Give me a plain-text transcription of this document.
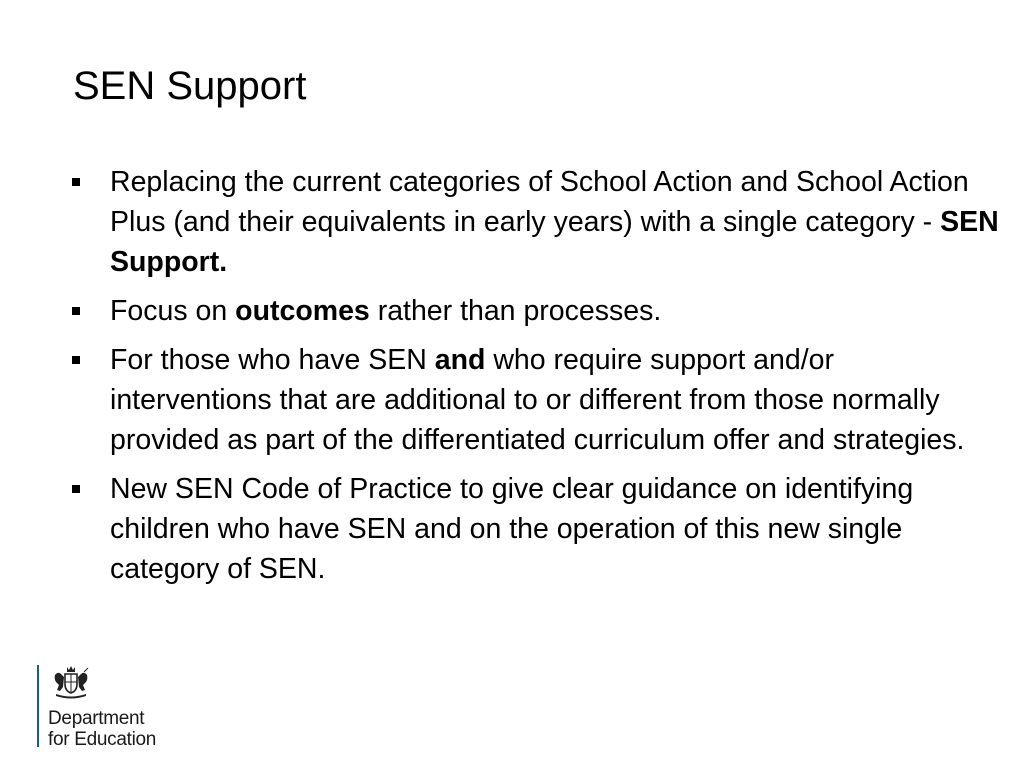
SEN Support
Replacing the current categories of School Action and School Action Plus (and their equivalents in early years) with a single category - SEN Support.
Focus on outcomes rather than processes.
For those who have SEN and who require support and/or interventions that are additional to or different from those normally provided as part of the differentiated curriculum offer and strategies.
New SEN Code of Practice to give clear guidance on identifying children who have SEN and on the operation of this new single category of SEN.
Department
for Education
